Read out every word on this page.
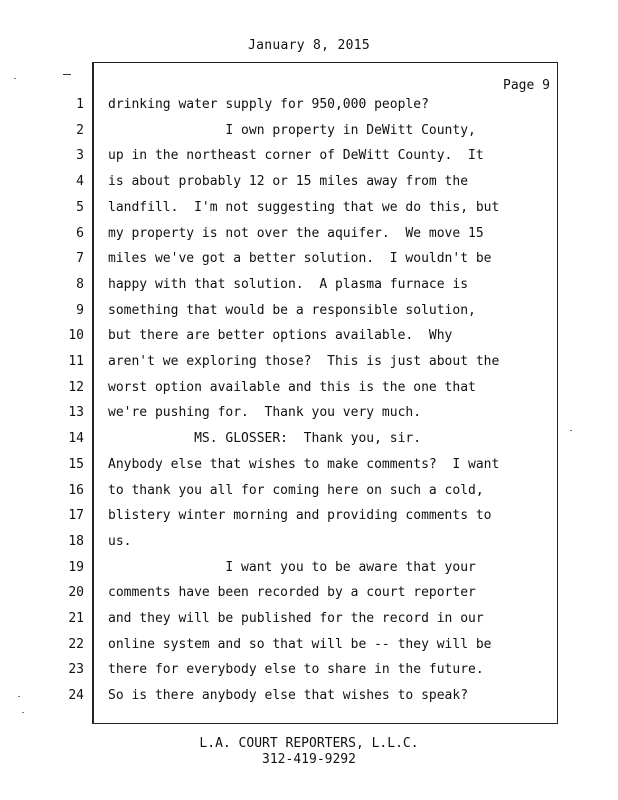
January 8, 2015
Page 9
1 drinking water supply for 950,000 people?
2 I own property in DeWitt County,
3 up in the northeast corner of DeWitt County.  It
4 is about probably 12 or 15 miles away from the
5 landfill.  I'm not suggesting that we do this, but
6 my property is not over the aquifer.  We move 15
7 miles we've got a better solution.  I wouldn't be
8 happy with that solution.  A plasma furnace is
9 something that would be a responsible solution,
10 but there are better options available.  Why
11 aren't we exploring those?  This is just about the
12 worst option available and this is the one that
13 we're pushing for.  Thank you very much.
14 MS. GLOSSER:  Thank you, sir.
15 Anybody else that wishes to make comments?  I want
16 to thank you all for coming here on such a cold,
17 blistery winter morning and providing comments to
18 us.
19 I want you to be aware that your
20 comments have been recorded by a court reporter
21 and they will be published for the record in our
22 online system and so that will be -- they will be
23 there for everybody else to share in the future.
24 So is there anybody else that wishes to speak?
L.A. COURT REPORTERS, L.L.C.
312-419-9292
